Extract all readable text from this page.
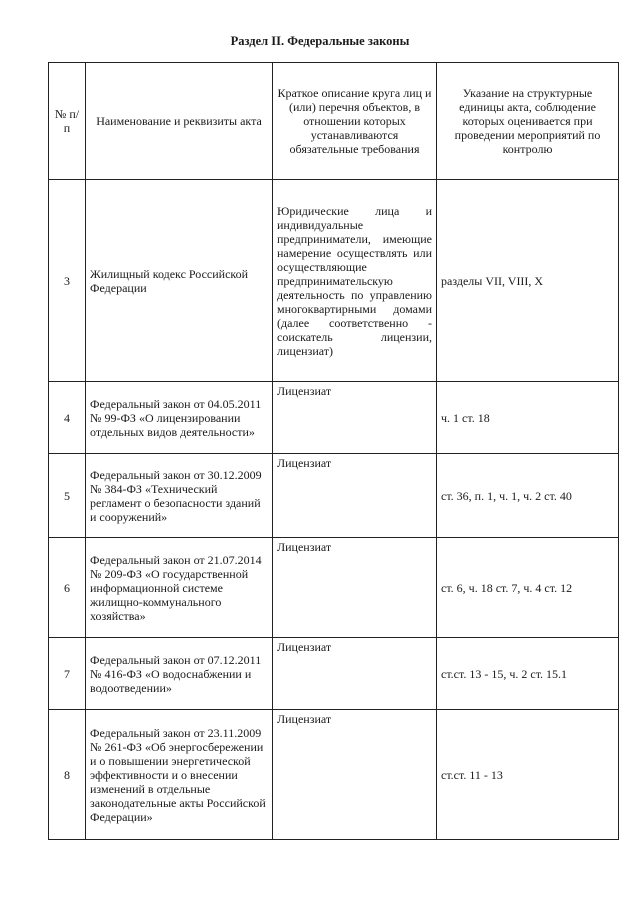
Раздел II. Федеральные законы
№ п/п	Наименование и реквизиты акта	Краткое описание круга лиц и (или) перечня объектов, в отношении которых устанавливаются обязательные требования	Указание на структурные единицы акта, соблюдение которых оценивается при проведении мероприятий по контролю
3	Жилищный кодекс Российской Федерации	Юридические лица и индивидуальные предприниматели, имеющие намерение осуществлять или осуществляющие предпринимательскую деятельность по управлению многоквартирными домами (далее соответственно - соискатель лицензии, лицензиат)	разделы VII, VIII, X
4	Федеральный закон от 04.05.2011 № 99-ФЗ «О лицензировании отдельных видов деятельности»	Лицензиат	ч. 1 ст. 18
5	Федеральный закон от 30.12.2009 № 384-ФЗ «Технический регламент о безопасности зданий и сооружений»	Лицензиат	ст. 36, п. 1, ч. 1, ч. 2 ст. 40
6	Федеральный закон от 21.07.2014 № 209-ФЗ «О государственной информационной системе жилищно-коммунального хозяйства»	Лицензиат	ст. 6, ч. 18 ст. 7, ч. 4 ст. 12
7	Федеральный закон от 07.12.2011 № 416-ФЗ «О водоснабжении и водоотведении»	Лицензиат	ст.ст. 13 - 15, ч. 2 ст. 15.1
8	Федеральный закон от 23.11.2009 № 261-ФЗ «Об энергосбережении и о повышении энергетической эффективности и о внесении изменений в отдельные законодательные акты Российской Федерации»	Лицензиат	ст.ст. 11 - 13
